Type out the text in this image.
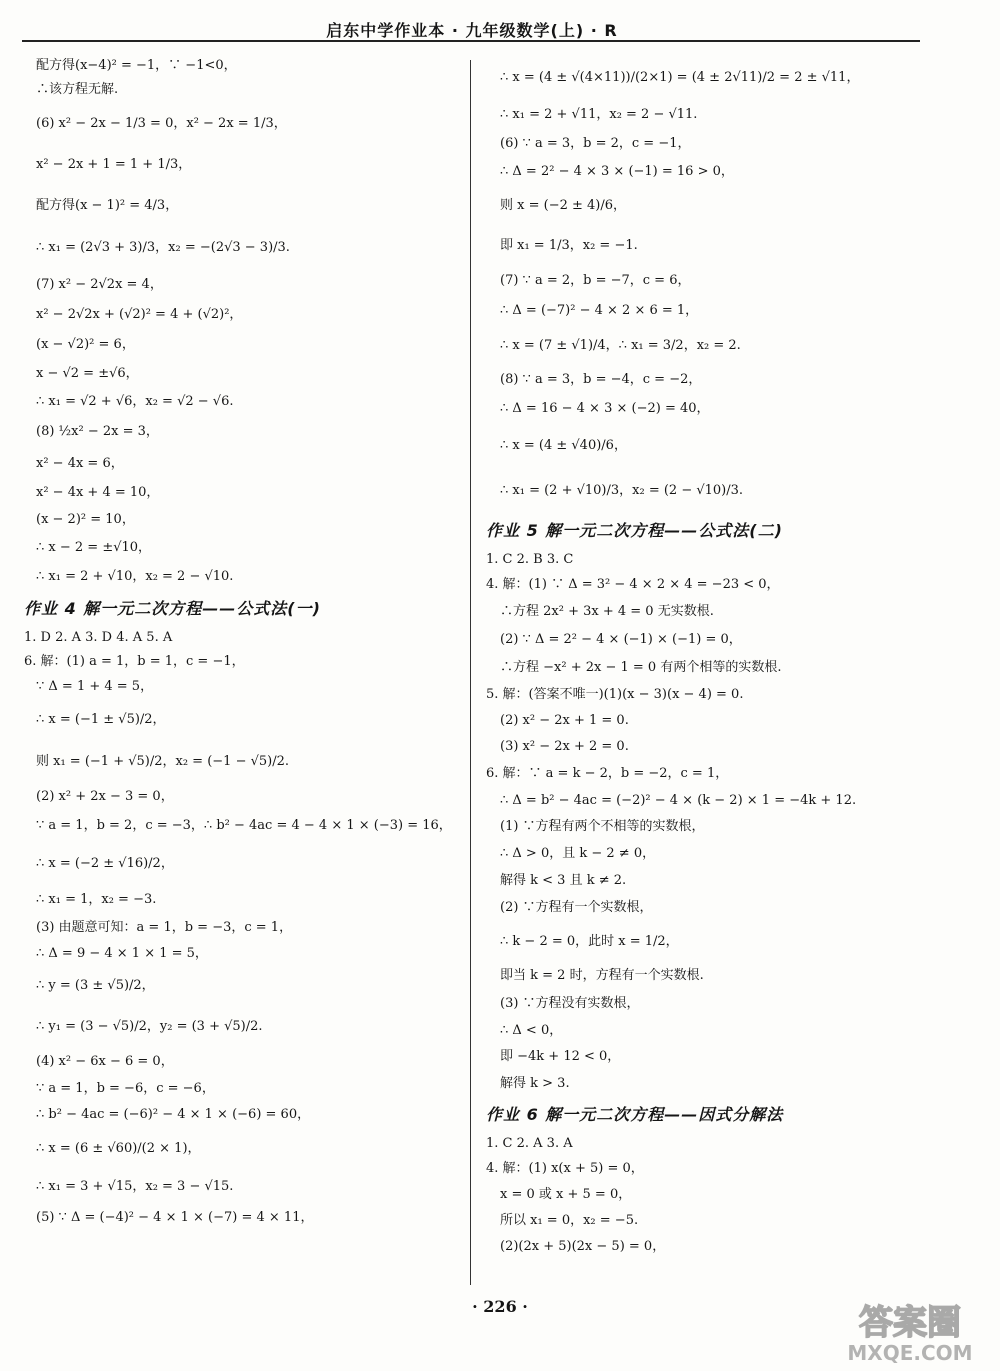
启东中学作业本 · 九年级数学(上) · R
配方得(x−4)² = −1，∵ −1<0，
∴该方程无解.
(6) x² − 2x − 1/3 = 0，x² − 2x = 1/3，
x² − 2x + 1 = 1 + 1/3，
配方得(x − 1)² = 4/3，
∴ x₁ = (2√3 + 3)/3，x₂ = −(2√3 − 3)/3.
(7) x² − 2√2x = 4，
x² − 2√2x + (√2)² = 4 + (√2)²，
(x − √2)² = 6，
x − √2 = ±√6，
∴ x₁ = √2 + √6，x₂ = √2 − √6.
(8) ½x² − 2x = 3，
x² − 4x = 6，
x² − 4x + 4 = 10，
(x − 2)² = 10，
∴ x − 2 = ±√10，
∴ x₁ = 2 + √10，x₂ = 2 − √10.
作业 4 解一元二次方程——公式法(一)
1. D 2. A 3. D 4. A 5. A
6. 解：(1) a = 1，b = 1，c = −1，
∵ Δ = 1 + 4 = 5，
∴ x = (−1 ± √5)/2，
则 x₁ = (−1 + √5)/2，x₂ = (−1 − √5)/2.
(2) x² + 2x − 3 = 0，
∵ a = 1，b = 2，c = −3，∴ b² − 4ac = 4 − 4 × 1 × (−3) = 16，
∴ x = (−2 ± √16)/2，
∴ x₁ = 1，x₂ = −3.
(3) 由题意可知：a = 1，b = −3，c = 1，
∴ Δ = 9 − 4 × 1 × 1 = 5，
∴ y = (3 ± √5)/2，
∴ y₁ = (3 − √5)/2，y₂ = (3 + √5)/2.
(4) x² − 6x − 6 = 0，
∵ a = 1，b = −6，c = −6，
∴ b² − 4ac = (−6)² − 4 × 1 × (−6) = 60，
∴ x = (6 ± √60)/(2 × 1)，
∴ x₁ = 3 + √15，x₂ = 3 − √15.
(5) ∵ Δ = (−4)² − 4 × 1 × (−7) = 4 × 11，
∴ x = (4 ± √(4×11))/(2×1) = (4 ± 2√11)/2 = 2 ± √11，
∴ x₁ = 2 + √11，x₂ = 2 − √11.
(6) ∵ a = 3，b = 2，c = −1，
∴ Δ = 2² − 4 × 3 × (−1) = 16 > 0，
则 x = (−2 ± 4)/6，
即 x₁ = 1/3，x₂ = −1.
(7) ∵ a = 2，b = −7，c = 6，
∴ Δ = (−7)² − 4 × 2 × 6 = 1，
∴ x = (7 ± √1)/4，∴ x₁ = 3/2，x₂ = 2.
(8) ∵ a = 3，b = −4，c = −2，
∴ Δ = 16 − 4 × 3 × (−2) = 40，
∴ x = (4 ± √40)/6，
∴ x₁ = (2 + √10)/3，x₂ = (2 − √10)/3.
作业 5 解一元二次方程——公式法(二)
1. C 2. B 3. C
4. 解：(1) ∵ Δ = 3² − 4 × 2 × 4 = −23 < 0，
∴方程 2x² + 3x + 4 = 0 无实数根.
(2) ∵ Δ = 2² − 4 × (−1) × (−1) = 0，
∴方程 −x² + 2x − 1 = 0 有两个相等的实数根.
5. 解：(答案不唯一)(1)(x − 3)(x − 4) = 0.
(2) x² − 2x + 1 = 0.
(3) x² − 2x + 2 = 0.
6. 解：∵ a = k − 2，b = −2，c = 1，
∴ Δ = b² − 4ac = (−2)² − 4 × (k − 2) × 1 = −4k + 12.
(1) ∵方程有两个不相等的实数根，
∴ Δ > 0，且 k − 2 ≠ 0，
解得 k < 3 且 k ≠ 2.
(2) ∵方程有一个实数根，
∴ k − 2 = 0，此时 x = 1/2，
即当 k = 2 时，方程有一个实数根.
(3) ∵方程没有实数根，
∴ Δ < 0，
即 −4k + 12 < 0，
解得 k > 3.
作业 6 解一元二次方程——因式分解法
1. C 2. A 3. A
4. 解：(1) x(x + 5) = 0，
x = 0 或 x + 5 = 0，
所以 x₁ = 0，x₂ = −5.
(2)(2x + 5)(2x − 5) = 0，
· 226 ·	答案圈
MXQE.COM
